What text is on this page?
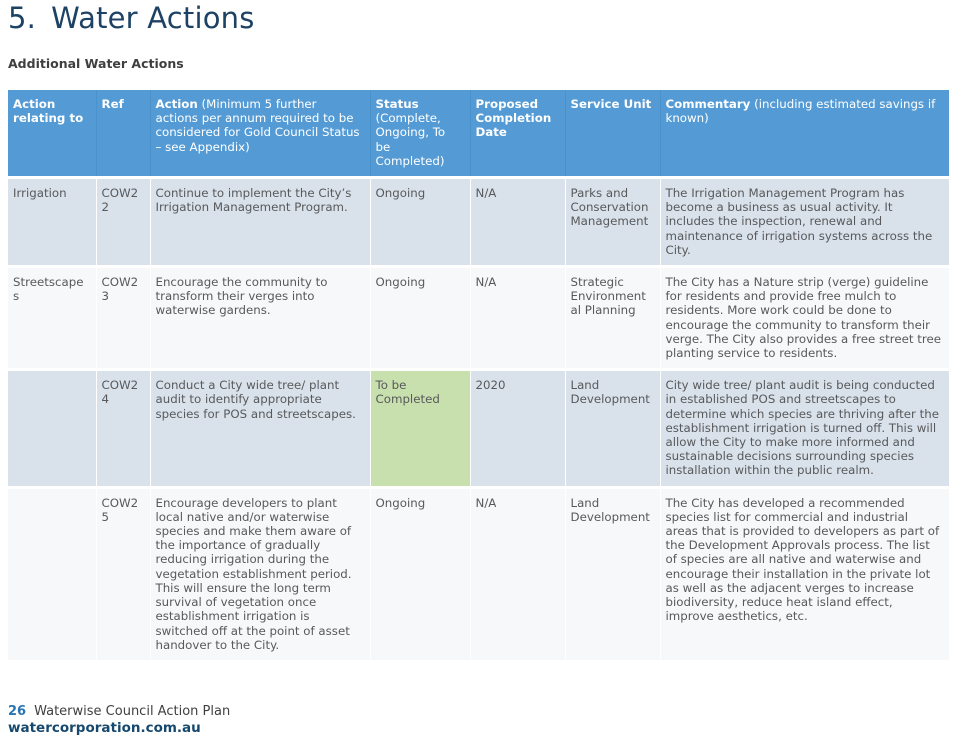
5. Water Actions
Additional Water Actions
Action relating to	Ref	Action (Minimum 5 further actions per annum required to be considered for Gold Council Status – see Appendix)	Status (Complete, Ongoing, To be Completed)	Proposed Completion Date	Service Unit	Commentary (including estimated savings if known)
Irrigation	COW22	Continue to implement the City’s Irrigation Management Program.	Ongoing	N/A	Parks and Conservation Management	The Irrigation Management Program has become a business as usual activity. It includes the inspection, renewal and maintenance of irrigation systems across the City.
Streetscapes	COW23	Encourage the community to transform their verges into waterwise gardens.	Ongoing	N/A	Strategic Environmental Planning	The City has a Nature strip (verge) guideline for residents and provide free mulch to residents. More work could be done to encourage the community to transform their verge. The City also provides a free street tree planting service to residents.
	COW24	Conduct a City wide tree/ plant audit to identify appropriate species for POS and streetscapes.	To be Completed	2020	Land Development	City wide tree/ plant audit is being conducted in established POS and streetscapes to determine which species are thriving after the establishment irrigation is turned off. This will allow the City to make more informed and sustainable decisions surrounding species installation within the public realm.
	COW25	Encourage developers to plant local native and/or waterwise species and make them aware of the importance of gradually reducing irrigation during the vegetation establishment period. This will ensure the long term survival of vegetation once establishment irrigation is switched off at the point of asset handover to the City.	Ongoing	N/A	Land Development	The City has developed a recommended species list for commercial and industrial areas that is provided to developers as part of the Development Approvals process. The list of species are all native and waterwise and encourage their installation in the private lot as well as the adjacent verges to increase biodiversity, reduce heat island effect, improve aesthetics, etc.
26 Waterwise Council Action Plan
watercorporation.com.au
